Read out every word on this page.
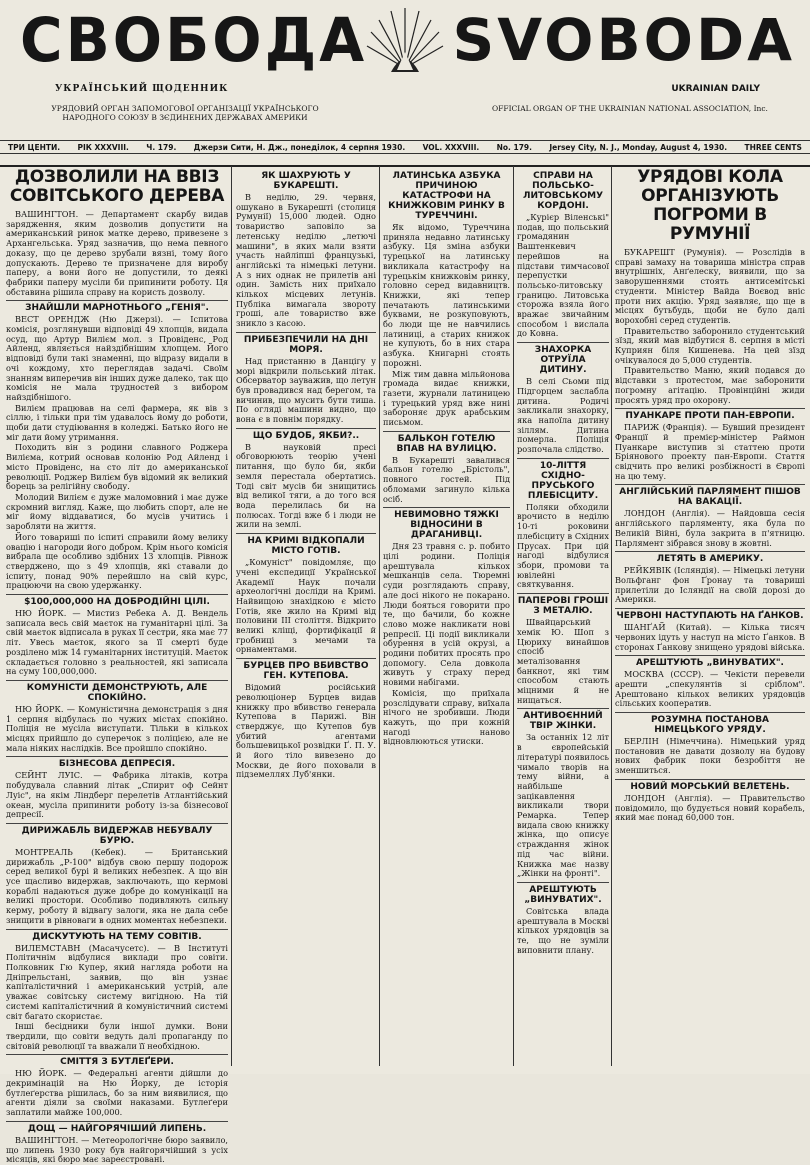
СВОБОДА SVOBODA
УКРАЇНСЬКИЙ ЩОДЕННИК	UKRAINIAN DAILY
УРЯДОВИЙ ОРГАН ЗАПОМОГОВОЇ ОРГАНІЗАЦІЇ УКРАЇНСЬКОГО НАРОДНОГО СОЮЗУ В ЗЄДИНЕНИХ ДЕРЖАВАХ АМЕРИКИ
OFFICIAL ORGAN OF THE UKRAINIAN NATIONAL ASSOCIATION, Inc.
ТРИ ЦЕНТИ. РІК XXXVIII. Ч. 179. Джерзи Сити, Н. Дж., понеділок, 4 серпня 1930. VOL. XXXVIII. No. 179. Jersey City, N. J., Monday, August 4, 1930. THREE CENTS

ДОЗВОЛИЛИ НА ВВІЗ СОВІТСЬКОГО ДЕРЕВА

ВАШИНГТОН. — Департамент скарбу видав зарядження, яким дозволив допустити на американський ринок матке дерево, привезене з Архангельська. Уряд зазначив, що нема певного доказу, що це дерево зрубали вязні, тому його допускають. Дерево те призначене для виробу паперу, а вони його не допустили, то деякі фабрики паперу мусіли би припинити роботу. Ця обставина рішила справу на користь дозволу.

ЗНАЙШЛИ МАРНОТНЬОГО „ГЕНІЯ".

ВЕСТ ОРЕНДЖ (Ню Джерзі). — Іспитова комісія, розглянувши відповіді 49 хлопців, видала осуд, що Артур Вилієм мол. з Провіденс, Род Айленд, являється найздібнішим хлопцем. Його відповіді були такі знаменні, що відразу видали в очі кождому, хто переглядав задачі. Своїм знанням виперечив він інших дуже далеко, так що комісія не мала трудностей з вибором найздібнішого.

Вилієм працював на селі фармера, як вів з сіллю, і тільки при тім удавалось йому до роботи, щоби дати студіювання в коледжі. Батько його не міг дати йому утримання.

Походить він з родини славного Роджера Вилієма, котрий основав колонію Род Айленд і місто Провіденс, на сто літ до американської революції. Роджер Вилієм був відомий як великий борець за релігійну свободу.

Молодий Вилієм є дуже маломовний і має дуже скромний вигляд. Каже, що любить спорт, але не міг йому віддаватися, бо мусів учитись і заробляти на життя.

Його товариші по іспиті справили йому велику овацію і нагороди його добром. Крім нього комісія вибрала ще особливо здібних 13 хлопців. Рівнож стверджено, що з 49 хлопців, які ставали до іспиту, понад 90% перейшло на свій курс, працюючи на свою удержанку.

$100,000,000 НА ДОБРОДІЙНІ ЦІЛІ.

НЮ ЙОРК. — Мистиз Ребека А. Д. Вендель записала весь свій маєток на гуманітарні цілі. За свій маєток відписала в руках її сестри, яка має 77 літ. Увесь маєток, якого за її смерті буде розділено між 14 гуманітарних інституцій. Маєток складається головно з реальностей, які записала на суму 100,000,000.

КОМУНІСТИ ДЕМОНСТРУЮТЬ, АЛЕ СПОКІЙНО.

НЮ ЙОРК. — Комуністична демонстрація з дня 1 серпня відбулась по чужих містах спокійно. Поліція не мусіла виступати. Тільки в кількох місцях прийшло до суперечок з поліцією, але не мала ніяких наслідків. Все пройшло спокійно.

БІЗНЕСОВА ДЕПРЕСІЯ.

СЕЙНТ ЛУІС. — Фабрика літаків, котра побудувала славний літак „Спирит оф Сейнт Луіс", на якім Ліндберг перелетів Атлантійський океан, мусіла припинити роботу із-за бізнесової депресії.

ДИРИЖАБЛЬ ВИДЕРЖАВ НЕБУВАЛУ БУРЮ.

МОНТРЕАЛЬ (Кебек). — Британський дирижабль „Р-100" відбув свою першу подорож серед великої бурі й великих небезпек. А що він усе щасливо видержав, заключають, що кермові кораблі надаються дуже добре до комунікації на великі простори. Особливо подивляють сильну керму, роботу й відвагу залоги, яка не дала себе знищити в рівноваги в одних моментах небезпеки.

ДИСКУТУЮТЬ НА ТЕМУ СОВІТІВ.

ВИЛЕМСТАВН (Масачусетс). — В Інституті Політичнім відбулися виклади про совіти. Полковник Гю Купер, який нагляда роботи на Дніпрельстані, заявив, що він узнає капіталістичний і американський устрій, але уважає совітську систему вигідною. На тій системі капіталістичний й комуністичний системі світ багато скористає.

Інші бесідники були іншої думки. Вони твердили, що совіти ведуть далі пропаганду по світовій революції та вважали її необхідною.

СМІТТЯ З БУТЛЕҐЕРИ.

НЮ ЙОРК. — Федеральні агенти дійшли до декримінацій на Ню Йорку, де історія бутлеґерства рішилась, бо за ним виявилися, що агенти діяли за своїми наказами. Бутлеґери заплатили майже 100,000.

ДОЩ — НАЙГОРЯЧІШИЙ ЛИПЕНЬ.

ВАШИНГТОН. — Метеорологічне бюро заявило, що липень 1930 року був найгорячійший з усіх місяців, які бюро має зареєстровані.

ЯК ШАХРУЮТЬ У БУКАРЕШТІ.

В неділю, 29. червня, ошукано в Букарешті (столиця Румунії) 15,000 людей. Одно товариство заповіло за летенську неділю „летючі машини", в яких мали взяти участь найліпші французькі, англійські та німецькі летуни. А з них однак не прилетів ані один. Замість них приїхало кількох місцевих летунів. Публіка вимагала звороту гроші, але товариство вже зникло з касою.

ПРИБЕЗПЕЧИЛИ НА ДНІ МОРЯ.

Над пристанню в Данцігу у морі відкрили польський літак. Обсерватор зауважив, що летун був провадився над берегом, та вичинив, що мусить бути тиша. По огляді машини видно, що вона є в повнім порядку.

ЩО БУДОБ, ЯКБИ?..

В науковій пресі обговорюють теорію учені питання, що було би, якби земля перестала обертатись. Тоді світ мусів би знищитись від великої тяги, а до того вся вода перелилась би на полюсах. Тогді вже б і люди не жили на землі.

НА КРИМІ ВІДКОПАЛИ МІСТО ГОТІВ.

„Комуніст" повідомляє, що учені експедиції Української Академії Наук почали археологічні досліди на Кримі. Найвищою знахідкою є місто Готів, яке жило на Кримі від половини III століття. Відкрито великі кліщі, фортифікації й гробниці з мечами та орнаментами.

БУРЦЕВ ПРО ВБИВСТВО ГЕН. КУТЕПОВА.

Відомий російський революціонер Бурцев видав книжку про вбивство генерала Кутепова в Парижі. Він стверджує, що Кутепов був убитий агентами большевицької розвідки Ґ. П. У. й його тіло вивезено до Москви, де його поховали в підземеллях Луб'янки.

ЛАТИНСЬКА АЗБУКА ПРИЧИНОЮ КАТАСТРОФИ НА КНИЖКОВІМ РИНКУ В ТУРЕЧЧИНІ.

Як відомо, Туреччина приняла недавно латинську азбуку. Ця зміна азбуки турецької на латинську викликала катастрофу на турецькім книжковім ринку, головно серед видавництв. Книжки, які тепер печатають латинськими буквами, не розкуповують, бо люди ще не навчились латиниці, а старих книжок не купують, бо в них стара азбука. Книгарні стоять порожні.

Між тим давна мільйонова громада видає книжки, газети, журнали латиницею і турецький уряд вже нині забороняє друк арабським письмом.

БАЛЬКОН ГОТЕЛЮ ВПАВ НА ВУЛИЦЮ.

В Букарешті завалився бальон готелю „Брістоль", повного гостей. Під обломами загинуло кілька осіб.

НЕВИМОВНО ТЯЖКІ ВІДНОСИНИ В ДРАГАНИВЦІ.

Дня 23 травня с. р. побито цілі родини. Поліція арештувала кількох мешканців села. Тюремні суди розглядають справу, але досі нікого не покарано. Люди бояться говорити про те, що бачили, бо кожне слово може накликати нові репресії. Ці події викликали обурення в усій окрузі, а родини побитих просять про допомогу. Села довкола живуть у страху перед новими набігами.

Комісія, що приїхала розслідувати справу, виїхала нічого не зробивши. Люди кажуть, що при кожній нагоді наново відновлюються утиски.

СПРАВИ НА ПОЛЬСЬКО-ЛИТОВСЬКОМУ КОРДОНІ.

„Курієр Віленські" подав, що польський громадянин Ваштенкевич перейшов на підстави тимчасової перепустки польсько-литовську границю. Литовська сторожа взяла його вражає звичайним способом і вислала до Ковна.

ЗНАХОРКА ОТРУЇЛА ДИТИНУ.

В селі Сьоми під Підгорцем заслабла дитина. Родичі закликали знахорку, яка напоїла дитину зіллям. Дитина померла. Поліція розпочала слідство.

10-ЛІТТЯ СХІДНО-ПРУСЬКОГО ПЛЕБІСЦИТУ.

Поляки обходили врочисто в неділю 10-ті роковини плебісциту в Східних Прусах. При цій нагоді відбулися збори, промови та ювілейні святкування.

ПАПЕРОВІ ГРОШІ З МЕТАЛЮ.

Швайцарський хемік Ю. Шоп з Цюриху винайшов спосіб металізовання банкнот, які тим способом стають міцними й не нищаться.

АНТИВОЄННИЙ ТВІР ЖІНКИ.

За останніх 12 літ в європейській літературі появилось чимало творів на тему війни, а найбільше зацікавлення викликали твори Ремарка. Тепер видала свою книжку жінка, що описує страждання жінок під час війни. Книжка має назву „Жінки на фронті".

АРЕШТУЮТЬ „ВИНУВАТИХ".

Совітська влада арештувала в Москві кількох урядовців за те, що не зуміли виповнити плану.

УРЯДОВІ КОЛА ОРГАНІЗУЮТЬ ПОГРОМИ В РУМУНІЇ

БУКАРЕШТ (Румунія). — Розслідів в справі замаху на товариша міністра справ внутрішніх, Анґелеску, виявили, що за заворушеннями стоять антисемітські студенти. Міністер Вайда Воєвод вніс проти них акцію. Уряд заявляє, що ще в місцях бутьбудь, щоби не було далі ворохобні серед студентів.

Правительство заборонило студентський зїзд, який мав відбутися 8. серпня в місті Куприян біля Кишенева. На цей зїзд очікувалося до 5,000 студентів.

Правительство Маню, який подався до відставки з протестом, має заборонити погромну агітацію. Провінційні жиди просять уряд про охорону.

ПУАНКАРЕ ПРОТИ ПАН-ЕВРОПИ.

ПАРИЖ (Франція). — Бувший президент Франції й премієр-міністер Раймон Пуанкаре виступив зі статтею проти Бріянового проекту пан-Европи. Стаття свідчить про великі розбіжності в Європі на цю тему.

АНГЛІЙСЬКИЙ ПАРЛЯМЕНТ ПІШОВ НА ВАКАЦІЇ.

ЛОНДОН (Англія). — Найдовша сесія англійського парляменту, яка була по Великій Війні, була закрита в п'ятницю. Парлямент зібрався знову в жовтні.

ЛЕТЯТЬ В АМЕРИКУ.

РЕЙКЯВІК (Ісляндія). — Німецькі летуни Вольфганг фон Ґронау та товариші прилетіли до Ісляндії на своїй дорозі до Америки.

ЧЕРВОНІ НАСТУПАЮТЬ НА ҐАНКОВ.

ШАНҐАЙ (Китай). — Кілька тисяч червоних ідуть у наступ на місто Ґанков. В сторонах Ґанкову знищено урядові війська.

АРЕШТУЮТЬ „ВИНУВАТИХ".

МОСКВА (СССР). — Чекісти перевели арешти „спекулянтів зі сріблом". Арештовано кількох великих урядовців сільських кооператив.

РОЗУМНА ПОСТАНОВА НІМЕЦЬКОГО УРЯДУ.

БЕРЛІН (Німеччина). Німецький уряд постановив не давати дозволу на будову нових фабрик поки безробіття не зменшиться.

НОВИЙ МОРСЬКИЙ ВЕЛЕТЕНЬ.

ЛОНДОН (Англія). — Правительство повідомило, що будується новий корабель, який має понад 60,000 тон.
